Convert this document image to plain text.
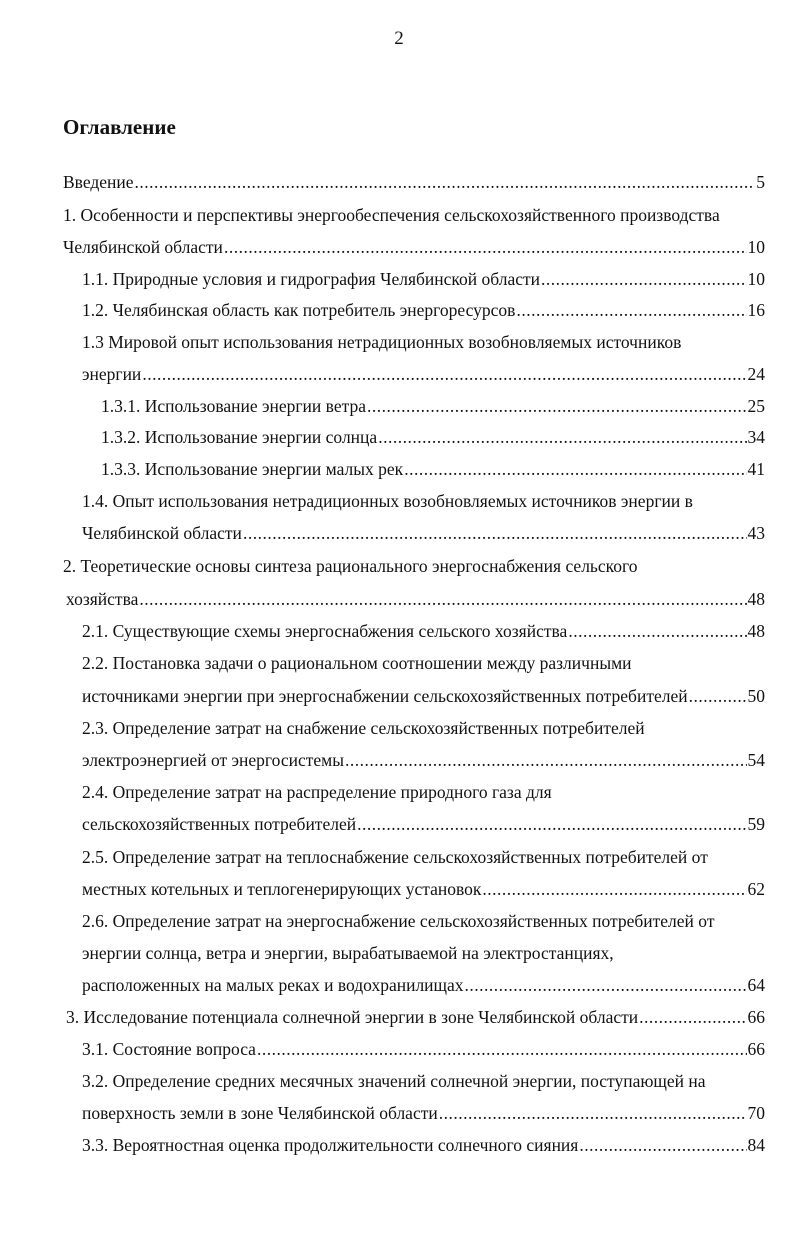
2
Оглавление
Введение .....	5
1. Особенности и перспективы энергообеспечения сельскохозяйственного производства
Челябинской области .....	10
1.1. Природные условия и гидрография Челябинской области .....	10
1.2. Челябинская область как потребитель энергоресурсов .....	16
1.3 Мировой опыт использования нетрадиционных возобновляемых источников
энергии .....	24
1.3.1. Использование энергии ветра .....	25
1.3.2. Использование энергии солнца .....	34
1.3.3. Использование энергии малых рек .....	41
1.4. Опыт использования нетрадиционных возобновляемых источников энергии в
Челябинской области .....	43
2. Теоретические основы синтеза рационального энергоснабжения сельского
хозяйства .....	48
2.1. Существующие схемы энергоснабжения сельского хозяйства .....	48
2.2. Постановка задачи о рациональном соотношении между различными
источниками энергии при энергоснабжении сельскохозяйственных потребителей .....	50
2.3. Определение затрат на снабжение сельскохозяйственных потребителей
электроэнергией от энергосистемы .....	54
2.4. Определение затрат на распределение природного газа для
сельскохозяйственных потребителей .....	59
2.5. Определение затрат на теплоснабжение сельскохозяйственных потребителей от
местных котельных и теплогенерирующих установок .....	62
2.6. Определение затрат на энергоснабжение сельскохозяйственных потребителей от
энергии солнца, ветра и энергии, вырабатываемой на электростанциях,
расположенных на малых реках и водохранилищах .....	64
3. Исследование потенциала солнечной энергии в зоне Челябинской области .....	66
3.1. Состояние вопроса .....	66
3.2. Определение средних месячных значений солнечной энергии, поступающей на
поверхность земли в зоне Челябинской области .....	70
3.3. Вероятностная оценка продолжительности солнечного сияния .....	84
